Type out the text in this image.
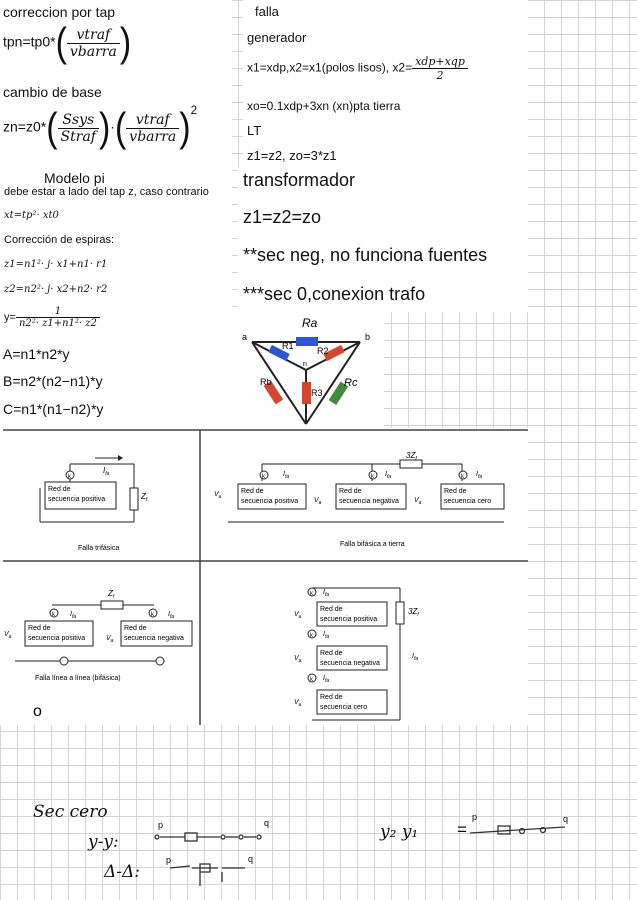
correccion por tap
$tpn=tp0*( \frac{\text{vtraf}}{\text{vbarra}}$ )
cambio de base
$zn=z0*( \frac{\text{Ssys}}{\text{Straf}}$ )·( $\frac{\text{vtraf}}{\text{vbarra}} )^2$
Modelo pi
debe estar a lado del tap z, caso contrario
xt=tp²· xt0
Corrección de espiras:
z1=n1²· j· x1+n1· r1
z2=n2²· j· x2+n2· r2
$y= \frac{1}{\text{n2²· z1+n1²· z2}}$
A=n1*n2*y
B=n2*(n2−n1)*y
C=n1*(n1−n2)*y
falla
generador
x1=xdp,x2=x1(polos lisos), $x2= \frac{\text{xdp+xqp}}{2}$
xo=0.1xdp+3xn (xn)pta tierra
LT
z1=z2, zo=3*z1
transformador
z1=z2=zo
**sec neg, no funciona fuentes
***sec 0,conexion trafo
a	b
n
R1	R2
R3
Ra
Rb	Rc
Red de
secuencia positiva
k
$I_{fa}$
$Z_f$
Falla trifásica
$3Z_f$
k	k	k
$I_{fa}$	$I_{fa}$	$I_{fa}$
Red de
secuencia positiva
Red de
secuencia negativa
Red de
secuencia cero
$V_a$	$V_a$	$V_a$
Falla bifásica a tierra
$Z_f$
k	k
$I_{fa}$	$I_{fa}$
Red de
secuencia positiva
Red de
secuencia negativa
$V_a$	$V_a$
Falla línea a línea (bifásica)
o
k $I_{fa}$
Red de
secuencia positiva
k $I_{fa}$
Red de
secuencia negativa
k $I_{fa}$
Red de
secuencia cero
$3Z_f$
$I_{fa}$
$V_a$
$V_a$
$V_a$
Sec cero
y-y:
Δ-Δ:
y₂ y₁ =
p	q
p	q
p	q
